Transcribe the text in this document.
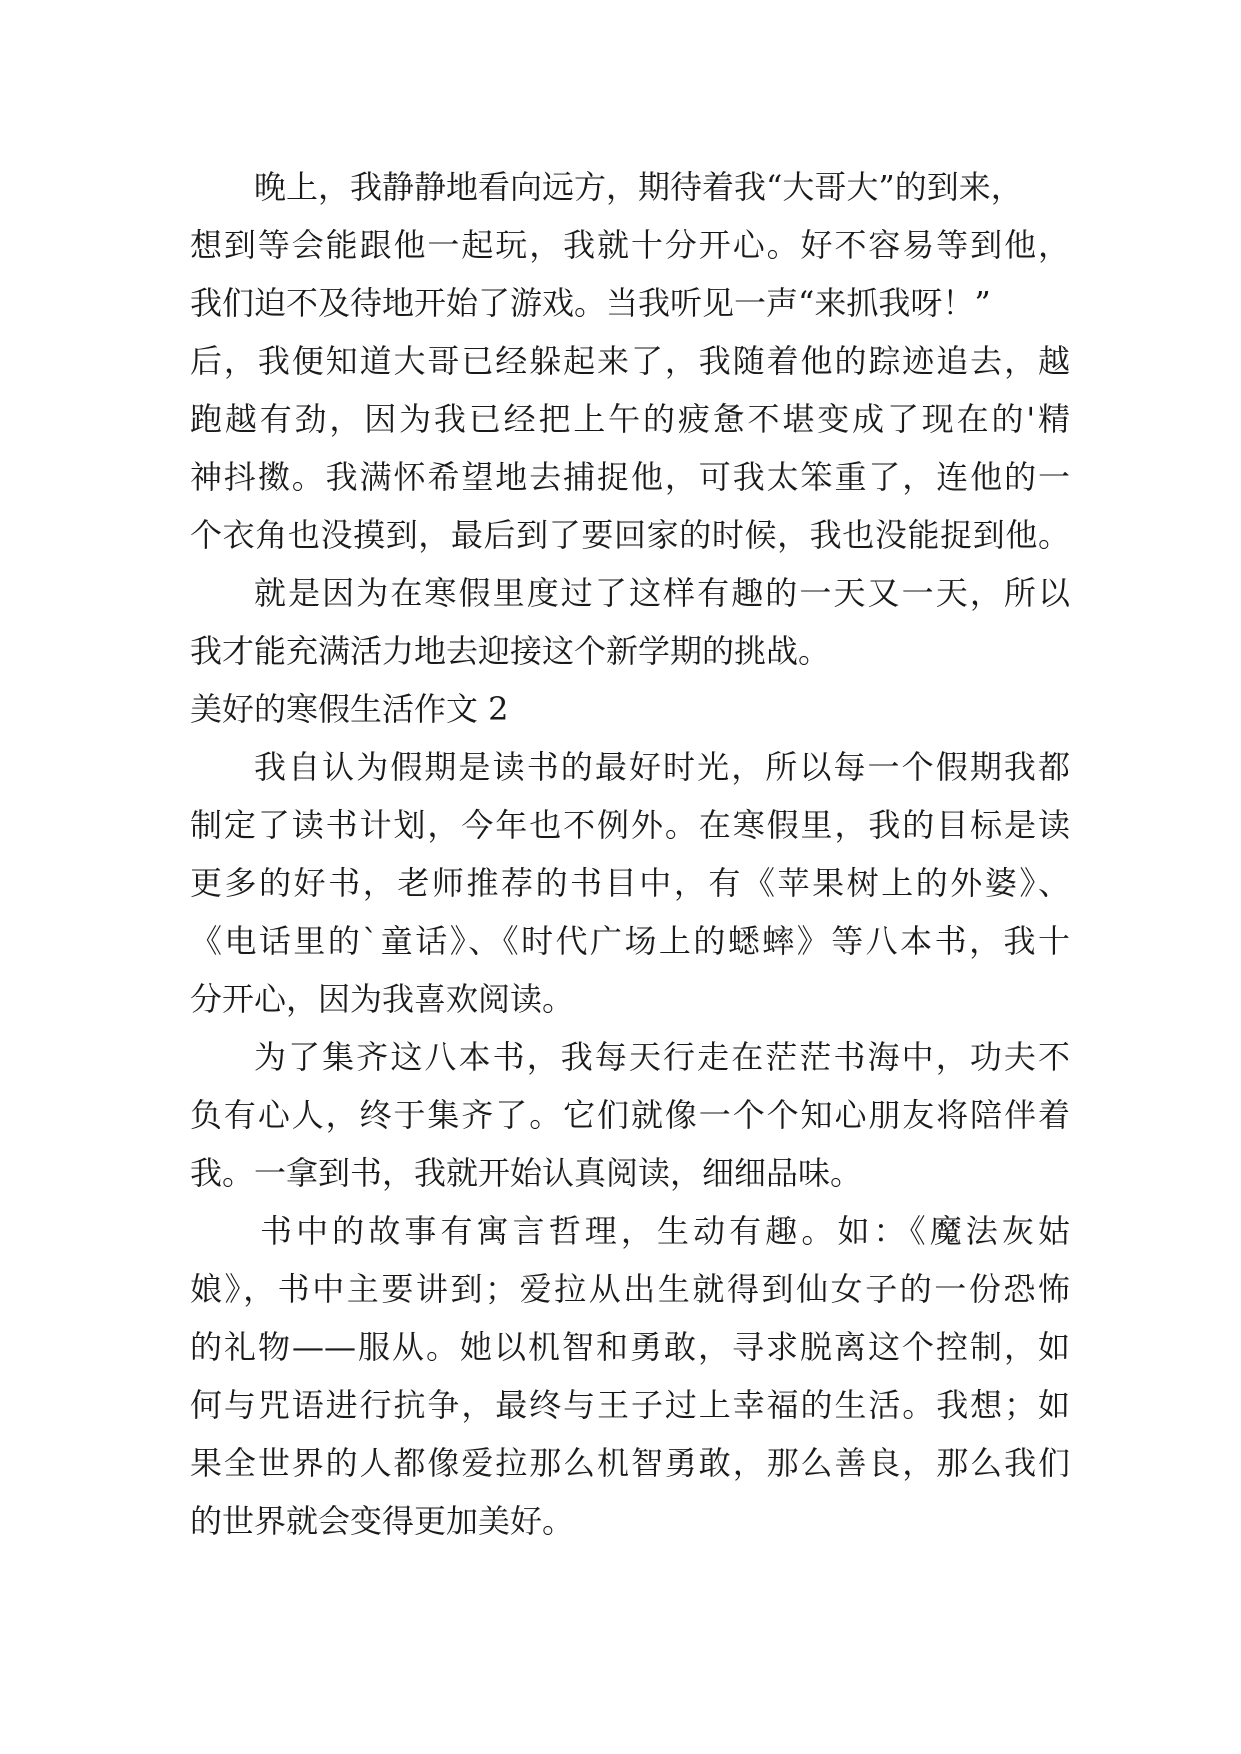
晚上，我静静地看向远方，期待着我“大哥大”的到来，
想到等会能跟他一起玩，我就十分开心。好不容易等到他，
我们迫不及待地开始了游戏。当我听见一声“来抓我呀！”
后，我便知道大哥已经躲起来了，我随着他的踪迹追去，越
跑越有劲，因为我已经把上午的疲惫不堪变成了现在的'精
神抖擞。我满怀希望地去捕捉他，可我太笨重了，连他的一
个衣角也没摸到，最后到了要回家的时候，我也没能捉到他。
就是因为在寒假里度过了这样有趣的一天又一天，所以
我才能充满活力地去迎接这个新学期的挑战。
美好的寒假生活作文 2
我自认为假期是读书的最好时光，所以每一个假期我都
制定了读书计划，今年也不例外。在寒假里，我的目标是读
更多的好书，老师推荐的书目中，有《苹果树上的外婆》、
《电话里的`童话》、《时代广场上的蟋蟀》等八本书，我十
分开心，因为我喜欢阅读。
为了集齐这八本书，我每天行走在茫茫书海中，功夫不
负有心人，终于集齐了。它们就像一个个知心朋友将陪伴着
我。一拿到书，我就开始认真阅读，细细品味。
书中的故事有寓言哲理，生动有趣。如：《魔法灰姑
娘》，书中主要讲到；爱拉从出生就得到仙女子的一份恐怖
的礼物——服从。她以机智和勇敢，寻求脱离这个控制，如
何与咒语进行抗争，最终与王子过上幸福的生活。我想；如
果全世界的人都像爱拉那么机智勇敢，那么善良，那么我们
的世界就会变得更加美好。
